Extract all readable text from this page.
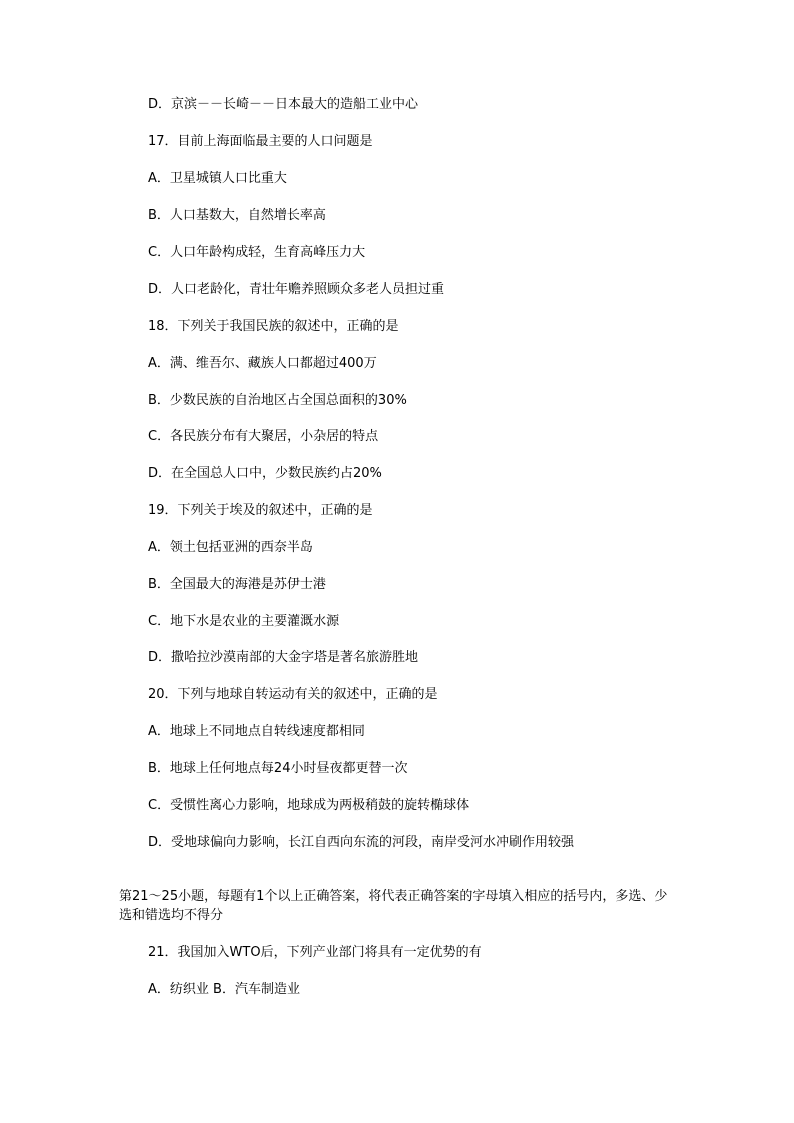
D．京滨－－长崎－－日本最大的造船工业中心
17．目前上海面临最主要的人口问题是
A．卫星城镇人口比重大
B．人口基数大，自然增长率高
C．人口年龄构成轻，生育高峰压力大
D．人口老龄化，青壮年赡养照顾众多老人员担过重
18．下列关于我国民族的叙述中，正确的是
A．满、维吾尔、藏族人口都超过400万
B．少数民族的自治地区占全国总面积的30%
C．各民族分布有大聚居，小杂居的特点
D．在全国总人口中，少数民族约占20%
19．下列关于埃及的叙述中，正确的是
A．领土包括亚洲的西奈半岛
B．全国最大的海港是苏伊士港
C．地下水是农业的主要灌溉水源
D．撒哈拉沙漠南部的大金字塔是著名旅游胜地
20．下列与地球自转运动有关的叙述中，正确的是
A．地球上不同地点自转线速度都相同
B．地球上任何地点每24小时昼夜都更替一次
C．受惯性离心力影响，地球成为两极稍鼓的旋转椭球体
D．受地球偏向力影响，长江自西向东流的河段，南岸受河水冲刷作用较强
第21～25小题，每题有1个以上正确答案，将代表正确答案的字母填入相应的括号内，多选、少选和错选均不得分
21．我国加入WTO后，下列产业部门将具有一定优势的有
A．纺织业 B．汽车制造业
